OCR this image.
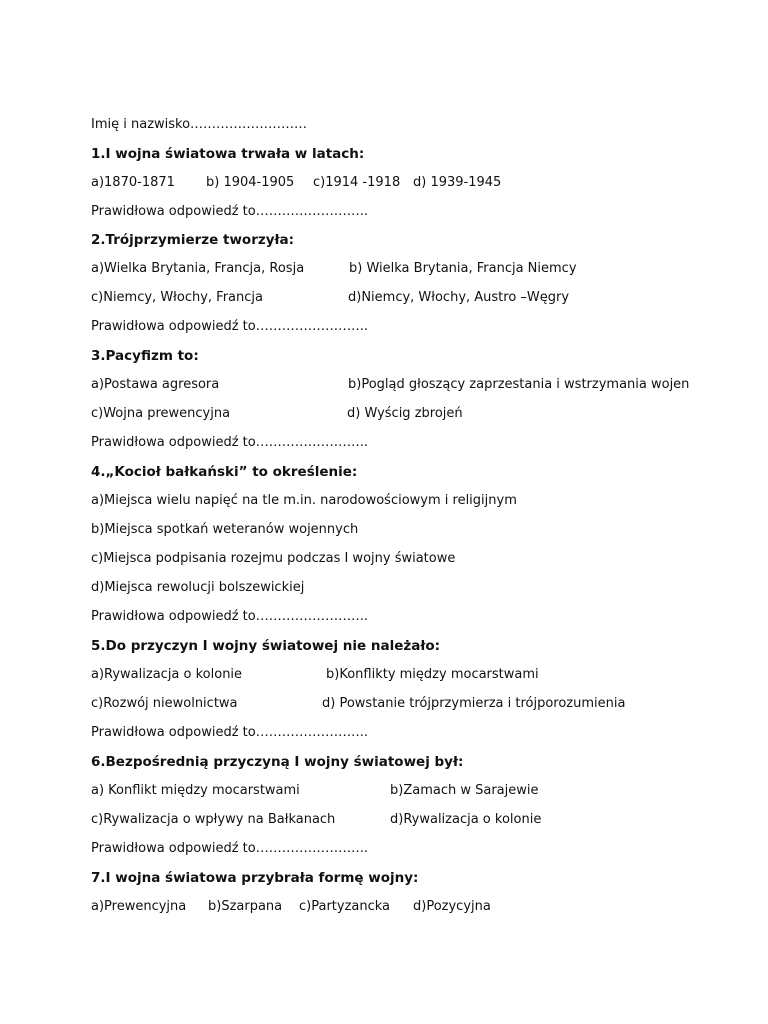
Imię i nazwisko………………………
1.I wojna światowa trwała w latach:
a)1870-1871 b) 1904-1905 c)1914 -1918 d) 1939-1945
Prawidłowa odpowiedź to……………………..
2.Trójprzymierze tworzyła:
a)Wielka Brytania, Francja, Rosja	b) Wielka Brytania, Francja Niemcy
c)Niemcy, Włochy, Francja	d)Niemcy, Włochy, Austro –Węgry
Prawidłowa odpowiedź to……………………..
3.Pacyfizm to:
a)Postawa agresora	b)Pogląd głoszący zaprzestania i wstrzymania wojen
c)Wojna prewencyjna	d) Wyścig zbrojeń
Prawidłowa odpowiedź to……………………..
4.„Kocioł bałkański” to określenie:
a)Miejsca wielu napięć na tle m.in. narodowościowym i religijnym
b)Miejsca spotkań weteranów wojennych
c)Miejsca podpisania rozejmu podczas I wojny światowe
d)Miejsca rewolucji bolszewickiej
Prawidłowa odpowiedź to……………………..
5.Do przyczyn I wojny światowej nie należało:
a)Rywalizacja o kolonie	b)Konflikty między mocarstwami
c)Rozwój niewolnictwa	d) Powstanie trójprzymierza i trójporozumienia
Prawidłowa odpowiedź to……………………..
6.Bezpośrednią przyczyną I wojny światowej był:
a) Konflikt między mocarstwami	b)Zamach w Sarajewie
c)Rywalizacja o wpływy na Bałkanach	d)Rywalizacja o kolonie
Prawidłowa odpowiedź to……………………..
7.I wojna światowa przybrała formę wojny:
a)Prewencyjna b)Szarpana c)Partyzancka d)Pozycyjna
